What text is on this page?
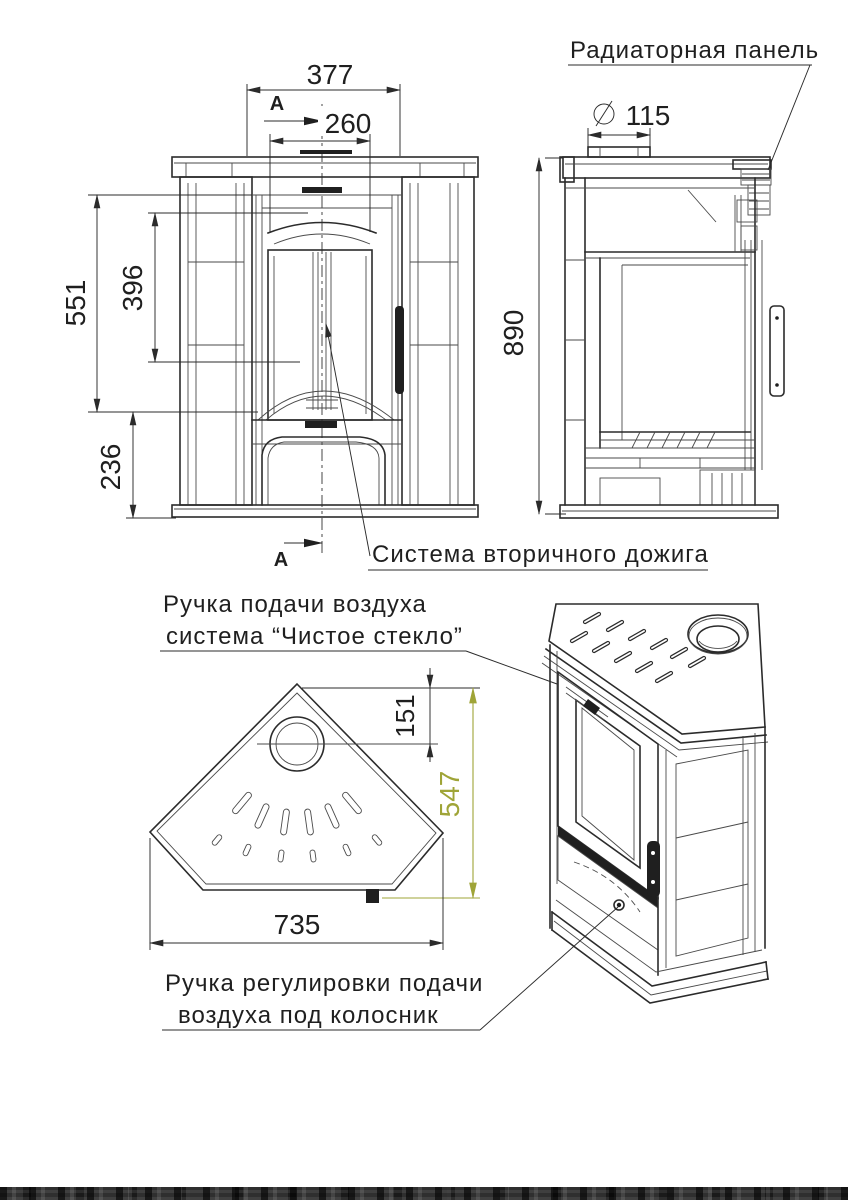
А
А
377
260
551 396
236
Система вторичного дожига
890
115
Радиаторная панель
151
547
735
Ручка подачи воздуха
система “Чистое стекло”
Ручка регулировки подачи
воздуха под колосник
